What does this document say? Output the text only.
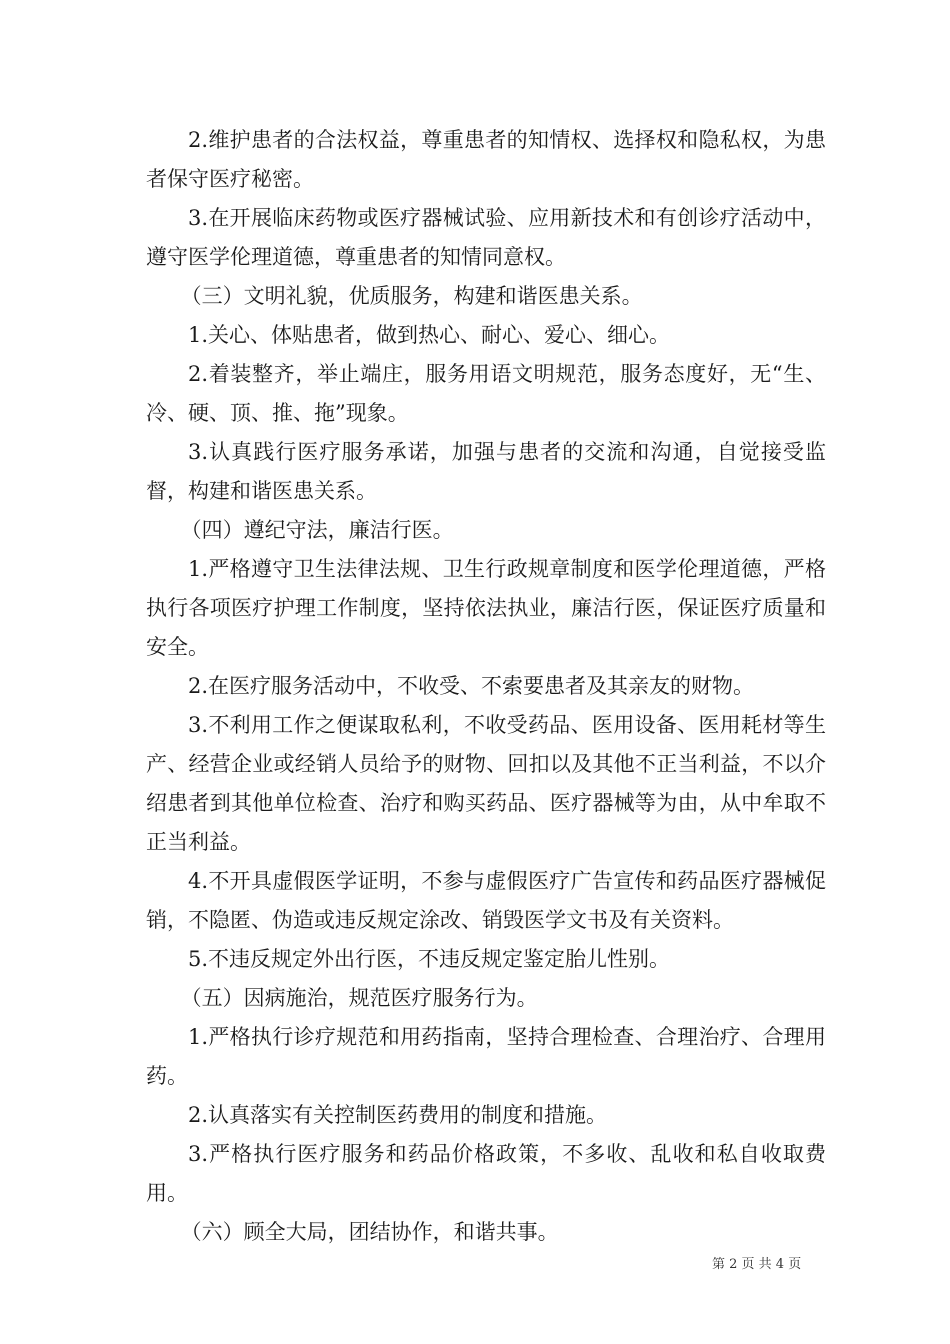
2.维护患者的合法权益，尊重患者的知情权、选择权和隐私权，为患者保守医疗秘密。

3.在开展临床药物或医疗器械试验、应用新技术和有创诊疗活动中，遵守医学伦理道德，尊重患者的知情同意权。

（三）文明礼貌，优质服务，构建和谐医患关系。

1.关心、体贴患者，做到热心、耐心、爱心、细心。

2.着装整齐，举止端庄，服务用语文明规范，服务态度好，无“生、冷、硬、顶、推、拖”现象。

3.认真践行医疗服务承诺，加强与患者的交流和沟通，自觉接受监督，构建和谐医患关系。

（四）遵纪守法，廉洁行医。

1.严格遵守卫生法律法规、卫生行政规章制度和医学伦理道德，严格执行各项医疗护理工作制度，坚持依法执业，廉洁行医，保证医疗质量和安全。

2.在医疗服务活动中，不收受、不索要患者及其亲友的财物。

3.不利用工作之便谋取私利，不收受药品、医用设备、医用耗材等生产、经营企业或经销人员给予的财物、回扣以及其他不正当利益，不以介绍患者到其他单位检查、治疗和购买药品、医疗器械等为由，从中牟取不正当利益。

4.不开具虚假医学证明，不参与虚假医疗广告宣传和药品医疗器械促销，不隐匿、伪造或违反规定涂改、销毁医学文书及有关资料。

5.不违反规定外出行医，不违反规定鉴定胎儿性别。

（五）因病施治，规范医疗服务行为。

1.严格执行诊疗规范和用药指南，坚持合理检查、合理治疗、合理用药。

2.认真落实有关控制医药费用的制度和措施。

3.严格执行医疗服务和药品价格政策，不多收、乱收和私自收取费用。

（六）顾全大局，团结协作，和谐共事。

第 2 页 共 4 页
